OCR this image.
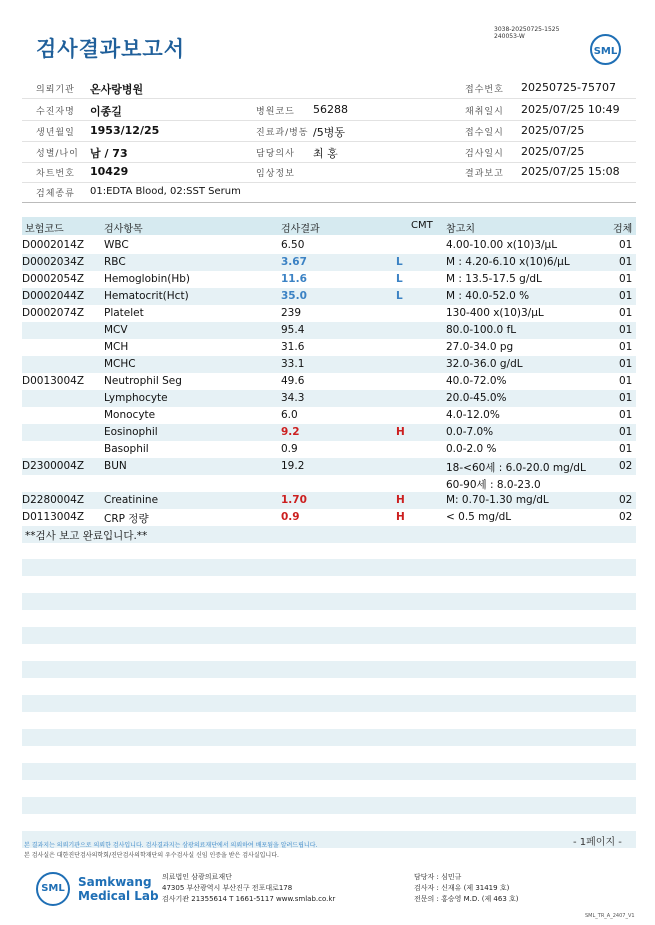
검사결과보고서
3038-20250725-1525
240053-W
SML
의뢰기관 온사랑병원	접수번호 20250725-75707
수진자명 이종길	병원코드 56288	채취일시 2025/07/25 10:49
생년월일 1953/12/25	진료과/병동 /5병동	접수일시 2025/07/25
성별/나이 남 / 73	담당의사 최 홍	검사일시 2025/07/25
차트번호 10429	임상정보	결과보고 2025/07/25 15:08
검체종류 01:EDTA Blood, 02:SST Serum
보험코드	검사항목	검사결과	CMT 참고치	검체
D0002014Z WBC	6.50	4.00-10.00 x(10)3/μL	01
D0002034Z RBC	3.67	L	M : 4.20-6.10 x(10)6/μL	01
D0002054Z Hemoglobin(Hb)	11.6	L	M : 13.5-17.5 g/dL	01
D0002044Z Hematocrit(Hct)	35.0	L	M : 40.0-52.0 %	01
D0002074Z Platelet	239	130-400 x(10)3/μL	01
MCV	95.4	80.0-100.0 fL	01
MCH	31.6	27.0-34.0 pg	01
MCHC	33.1	32.0-36.0 g/dL	01
D0013004Z Neutrophil Seg	49.6	40.0-72.0%	01
Lymphocyte	34.3	20.0-45.0%	01
Monocyte	6.0	4.0-12.0%	01
Eosinophil	9.2	H	0.0-7.0%	01
Basophil	0.9	0.0-2.0 %	01
D2300004Z BUN	19.2	18-<60세 : 6.0-20.0 mg/dL	02
60-90세 : 8.0-23.0
D2280004Z Creatinine	1.70	H	M: 0.70-1.30 mg/dL	02
D0113004Z CRP 정량	0.9	H	< 0.5 mg/dL	02
**검사 보고 완료입니다.**
- 1페이지 -
본 결과지는 의뢰기관으로 의뢰한 검사입니다. 검사결과지는 삼광의료재단에서 의뢰하여 배포됨을 알려드립니다.
본 검사실은 대한진단검사의학회/진단검사의학재단의 우수검사실 신임 인증을 받은 검사실입니다.
SML	Samkwang
Medical Lab
의료법인 삼광의료재단
47305 부산광역시 부산진구 전포대로178
검사기관 21355614 T 1661-5117 www.smlab.co.kr
담당자 : 심민규
검사자 : 신재유 (제 31419 호)
전문의 : 홍승영 M.D. (제 463 호)
SML_TR_A_2407_V1
